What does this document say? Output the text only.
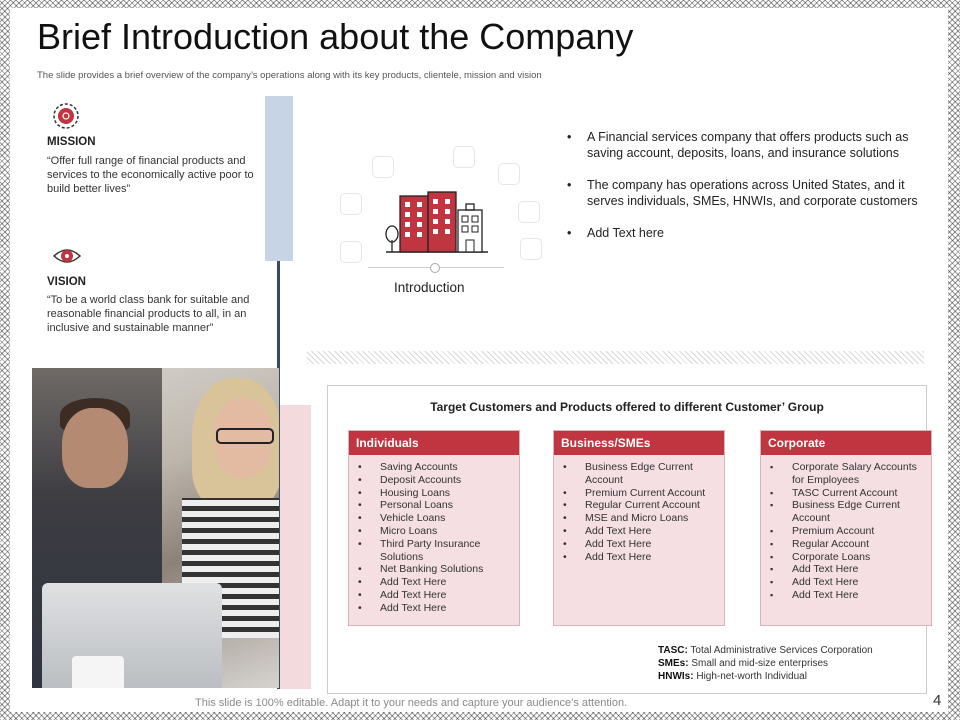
Brief Introduction about the Company
The slide provides a brief overview of the company’s operations along with its key products, clientele, mission and vision
MISSION
“Offer full range of financial products and services to the economically active poor to build better lives”
VISION
“To be a world class bank for suitable and reasonable financial products to all, in an inclusive and sustainable manner”
Introduction
• A Financial services company that offers products such as saving account, deposits, loans, and insurance solutions
• The company has operations across United States, and it serves individuals, SMEs, HNWIs, and corporate customers
• Add Text here
Target Customers and Products offered to different Customer’ Group
Individuals
• Saving Accounts
• Deposit Accounts
• Housing Loans
• Personal Loans
• Vehicle Loans
• Micro Loans
• Third Party Insurance Solutions
• Net Banking Solutions
• Add Text Here
• Add Text Here
• Add Text Here
Business/SMEs
• Business Edge Current Account
• Premium Current Account
• Regular Current Account
• MSE and Micro Loans
• Add Text Here
• Add Text Here
• Add Text Here
Corporate
▪ Corporate Salary Accounts for Employees
▪ TASC Current Account
▪ Business Edge Current Account
▪ Premium Account
▪ Regular Account
▪ Corporate Loans
▪ Add Text Here
▪ Add Text Here
▪ Add Text Here
TASC: Total Administrative Services Corporation
SMEs: Small and mid-size enterprises
HNWIs: High-net-worth Individual
This slide is 100% editable. Adapt it to your needs and capture your audience’s attention.	4
